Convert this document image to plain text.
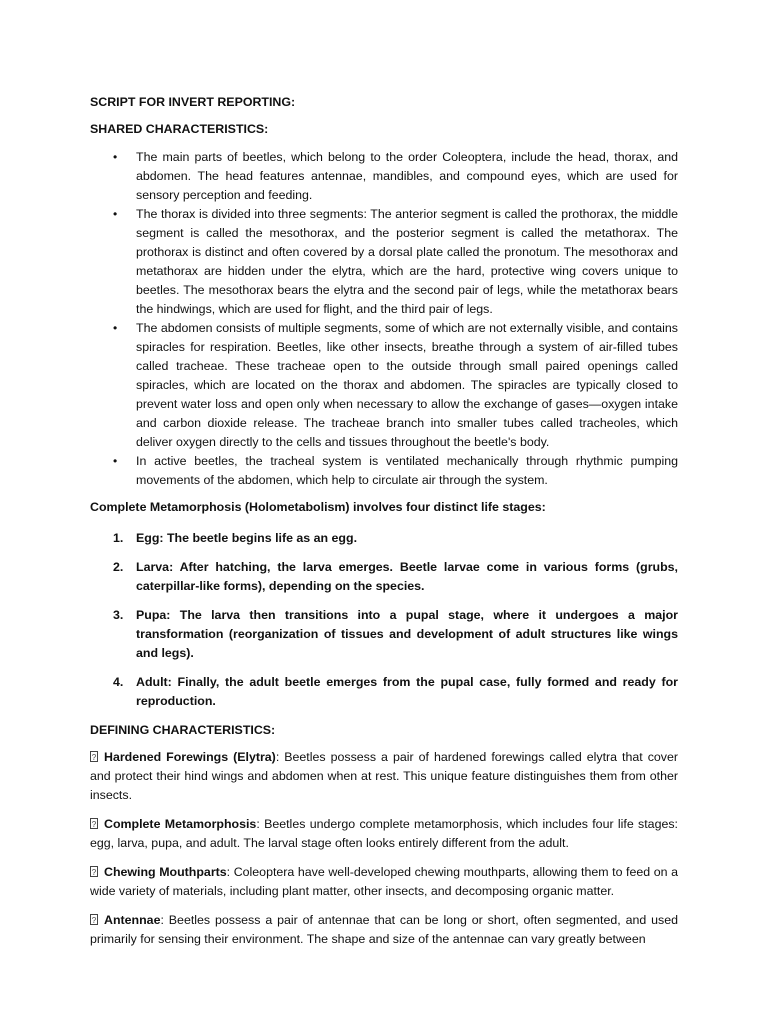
SCRIPT FOR INVERT REPORTING:
SHARED CHARACTERISTICS:
• The main parts of beetles, which belong to the order Coleoptera, include the head, thorax, and abdomen. The head features antennae, mandibles, and compound eyes, which are used for sensory perception and feeding.
• The thorax is divided into three segments: The anterior segment is called the prothorax, the middle segment is called the mesothorax, and the posterior segment is called the metathorax. The prothorax is distinct and often covered by a dorsal plate called the pronotum. The mesothorax and metathorax are hidden under the elytra, which are the hard, protective wing covers unique to beetles. The mesothorax bears the elytra and the second pair of legs, while the metathorax bears the hindwings, which are used for flight, and the third pair of legs.
• The abdomen consists of multiple segments, some of which are not externally visible, and contains spiracles for respiration. Beetles, like other insects, breathe through a system of air-filled tubes called tracheae. These tracheae open to the outside through small paired openings called spiracles, which are located on the thorax and abdomen. The spiracles are typically closed to prevent water loss and open only when necessary to allow the exchange of gases—oxygen intake and carbon dioxide release. The tracheae branch into smaller tubes called tracheoles, which deliver oxygen directly to the cells and tissues throughout the beetle's body.
• In active beetles, the tracheal system is ventilated mechanically through rhythmic pumping movements of the abdomen, which help to circulate air through the system.
Complete Metamorphosis (Holometabolism) involves four distinct life stages:
1. Egg: The beetle begins life as an egg.
2. Larva: After hatching, the larva emerges. Beetle larvae come in various forms (grubs, caterpillar-like forms), depending on the species.
3. Pupa: The larva then transitions into a pupal stage, where it undergoes a major transformation (reorganization of tissues and development of adult structures like wings and legs).
4. Adult: Finally, the adult beetle emerges from the pupal case, fully formed and ready for reproduction.
DEFINING CHARACTERISTICS:

?Hardened Forewings (Elytra): Beetles possess a pair of hardened forewings called elytra that cover and protect their hind wings and abdomen when at rest. This unique feature distinguishes them from other insects.

?Complete Metamorphosis: Beetles undergo complete metamorphosis, which includes four life stages: egg, larva, pupa, and adult. The larval stage often looks entirely different from the adult.

?Chewing Mouthparts: Coleoptera have well-developed chewing mouthparts, allowing them to feed on a wide variety of materials, including plant matter, other insects, and decomposing organic matter.

?Antennae: Beetles possess a pair of antennae that can be long or short, often segmented, and used primarily for sensing their environment. The shape and size of the antennae can vary greatly between
